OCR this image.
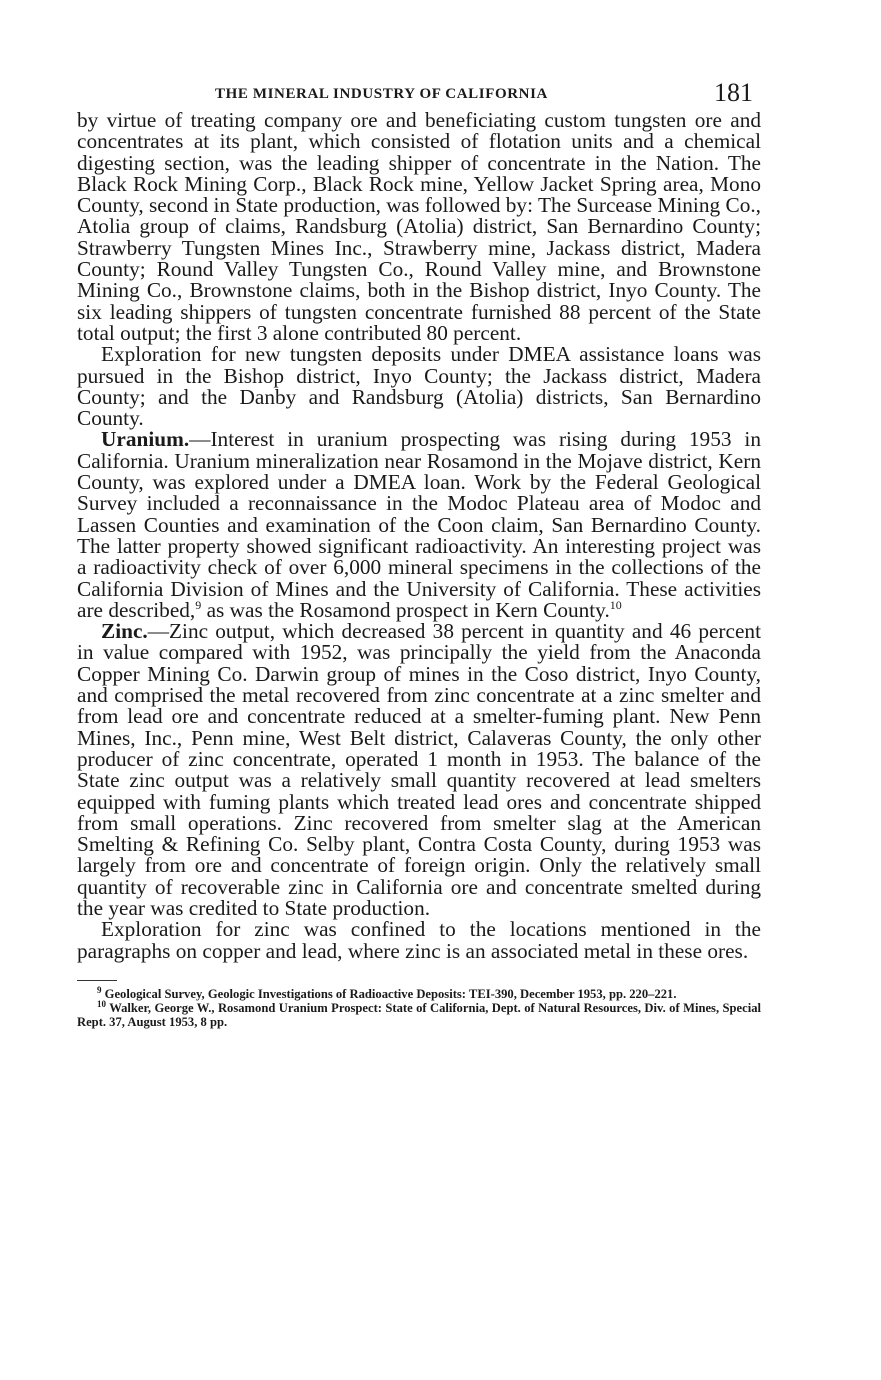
THE MINERAL INDUSTRY OF CALIFORNIA	181

by virtue of treating company ore and beneficiating custom tungsten ore and concentrates at its plant, which consisted of flotation units and a chemical digesting section, was the leading shipper of concentrate in the Nation. The Black Rock Mining Corp., Black Rock mine, Yellow Jacket Spring area, Mono County, second in State production, was followed by: The Surcease Mining Co., Atolia group of claims, Randsburg (Atolia) district, San Bernardino County; Strawberry Tungsten Mines Inc., Strawberry mine, Jackass district, Madera County; Round Valley Tungsten Co., Round Valley mine, and Brownstone Mining Co., Brownstone claims, both in the Bishop district, Inyo County. The six leading shippers of tungsten concentrate furnished 88 percent of the State total output; the first 3 alone contributed 80 percent.

Exploration for new tungsten deposits under DMEA assistance loans was pursued in the Bishop district, Inyo County; the Jackass district, Madera County; and the Danby and Randsburg (Atolia) districts, San Bernardino County.

Uranium.—Interest in uranium prospecting was rising during 1953 in California. Uranium mineralization near Rosamond in the Mojave district, Kern County, was explored under a DMEA loan. Work by the Federal Geological Survey included a reconnaissance in the Modoc Plateau area of Modoc and Lassen Counties and examination of the Coon claim, San Bernardino County. The latter property showed significant radioactivity. An interesting project was a radioactivity check of over 6,000 mineral specimens in the collections of the California Division of Mines and the University of California. These activities are described,$^9$ as was the Rosamond prospect in Kern County.$^{10}$

Zinc.—Zinc output, which decreased 38 percent in quantity and 46 percent in value compared with 1952, was principally the yield from the Anaconda Copper Mining Co. Darwin group of mines in the Coso district, Inyo County, and comprised the metal recovered from zinc concentrate at a zinc smelter and from lead ore and concentrate reduced at a smelter-fuming plant. New Penn Mines, Inc., Penn mine, West Belt district, Calaveras County, the only other producer of zinc concentrate, operated 1 month in 1953. The balance of the State zinc output was a relatively small quantity recovered at lead smelters equipped with fuming plants which treated lead ores and concentrate shipped from small operations. Zinc recovered from smelter slag at the American Smelting & Refining Co. Selby plant, Contra Costa County, during 1953 was largely from ore and concentrate of foreign origin. Only the relatively small quantity of recoverable zinc in California ore and concentrate smelted during the year was credited to State production.

Exploration for zinc was confined to the locations mentioned in the paragraphs on copper and lead, where zinc is an associated metal in these ores.

$^9$ Geological Survey, Geologic Investigations of Radioactive Deposits: TEI-390, December 1953, pp. 220–221.

$^{10}$ Walker, George W., Rosamond Uranium Prospect: State of California, Dept. of Natural Resources, Div. of Mines, Special Rept. 37, August 1953, 8 pp.
